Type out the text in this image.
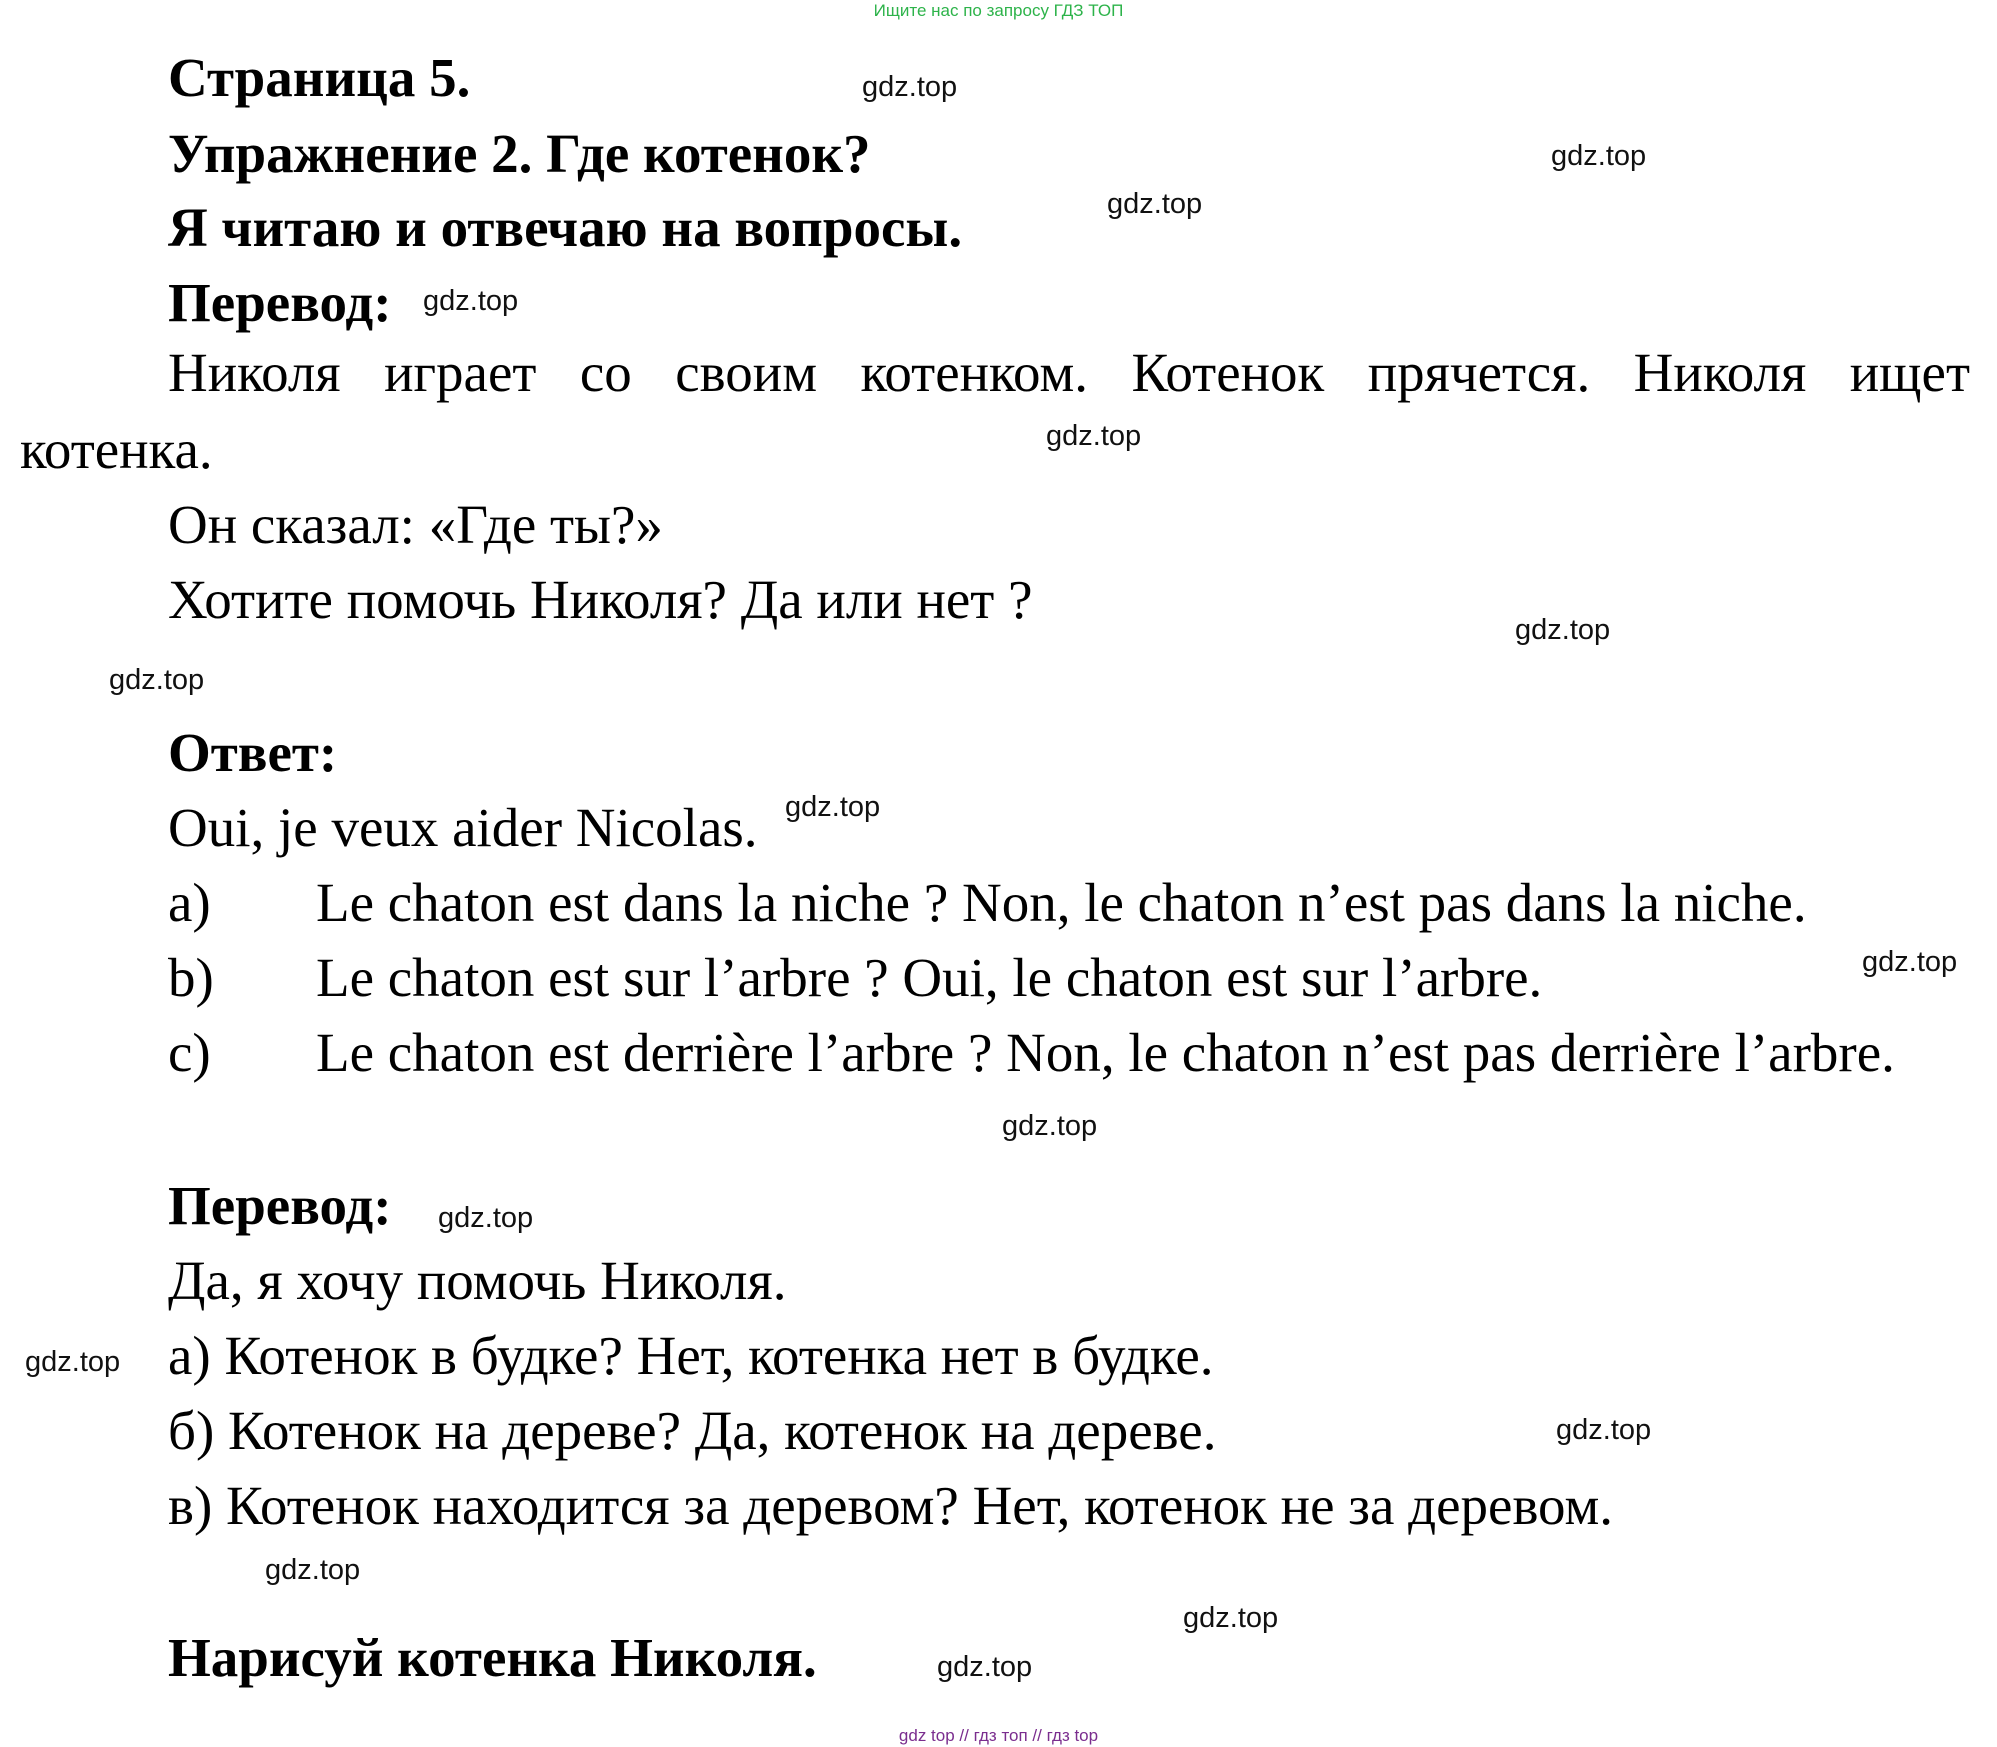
Ищите нас по запросу ГДЗ ТОП
Страница 5.
Упражнение 2. Где котенок?
Я читаю и отвечаю на вопросы.
Перевод:
Николя играет со своим котенком. Котенок прячется. Николя ищет
котенка.
Он сказал: «Где ты?»
Хотите помочь Николя? Да или нет ?
Ответ:
Oui, je veux aider Nicolas.
a) Le chaton est dans la niche ? Non, le chaton n’est pas dans la niche.
b) Le chaton est sur l’arbre ? Oui, le chaton est sur l’arbre.
c) Le chaton est derrière l’arbre ? Non, le chaton n’est pas derrière l’arbre.
Перевод:
Да, я хочу помочь Николя.
а) Котенок в будке? Нет, котенка нет в будке.
б) Котенок на дереве? Да, котенок на дереве.
в) Котенок находится за деревом? Нет, котенок не за деревом.
Нарисуй котенка Николя.
gdz.top
gdz.top
gdz.top
gdz.top
gdz.top
gdz.top
gdz.top
gdz.top
gdz.top
gdz.top
gdz.top
gdz.top
gdz.top
gdz.top
gdz.top
gdz.top
gdz top // гдз топ // гдз top
